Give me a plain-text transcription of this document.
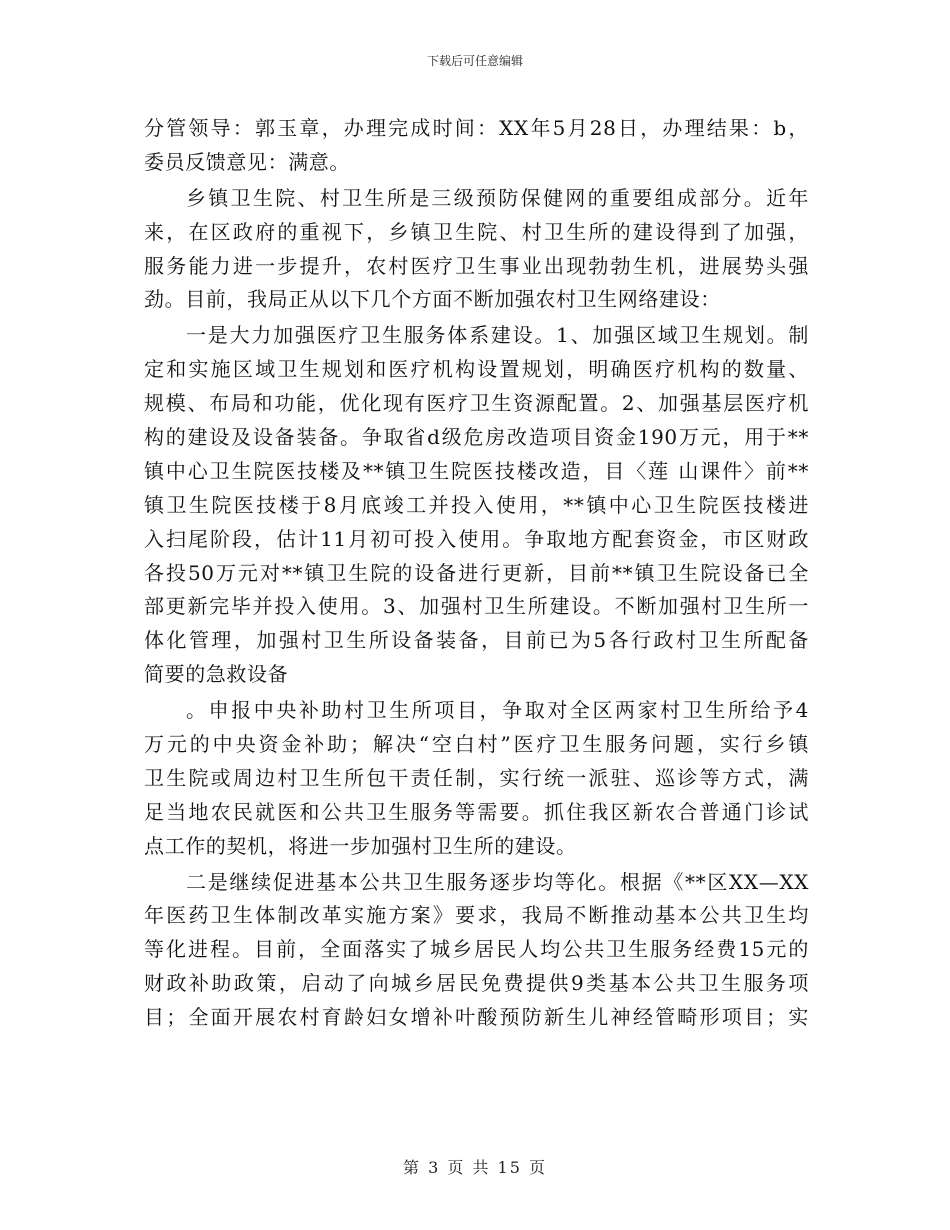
下载后可任意编辑
分管领导：郭玉章，办理完成时间：XX年5月28日，办理结果：b，
委员反馈意见：满意。
乡镇卫生院、村卫生所是三级预防保健网的重要组成部分。近年
来，在区政府的重视下，乡镇卫生院、村卫生所的建设得到了加强，
服务能力进一步提升，农村医疗卫生事业出现勃勃生机，进展势头强
劲。目前，我局正从以下几个方面不断加强农村卫生网络建设：
一是大力加强医疗卫生服务体系建设。1、加强区域卫生规划。制
定和实施区域卫生规划和医疗机构设置规划，明确医疗机构的数量、
规模、布局和功能，优化现有医疗卫生资源配置。2、加强基层医疗机
构的建设及设备装备。争取省d级危房改造项目资金190万元，用于**
镇中心卫生院医技楼及**镇卫生院医技楼改造，目〈莲 山课件〉前**
镇卫生院医技楼于8月底竣工并投入使用，**镇中心卫生院医技楼进
入扫尾阶段，估计11月初可投入使用。争取地方配套资金，市区财政
各投50万元对**镇卫生院的设备进行更新，目前**镇卫生院设备已全
部更新完毕并投入使用。3、加强村卫生所建设。不断加强村卫生所一
体化管理，加强村卫生所设备装备，目前已为5各行政村卫生所配备
简要的急救设备
。申报中央补助村卫生所项目，争取对全区两家村卫生所给予4
万元的中央资金补助；解决“空白村”医疗卫生服务问题，实行乡镇
卫生院或周边村卫生所包干责任制，实行统一派驻、巡诊等方式，满
足当地农民就医和公共卫生服务等需要。抓住我区新农合普通门诊试
点工作的契机，将进一步加强村卫生所的建设。
二是继续促进基本公共卫生服务逐步均等化。根据《**区XX—XX
年医药卫生体制改革实施方案》要求，我局不断推动基本公共卫生均
等化进程。目前，全面落实了城乡居民人均公共卫生服务经费15元的
财政补助政策，启动了向城乡居民免费提供9类基本公共卫生服务项
目；全面开展农村育龄妇女增补叶酸预防新生儿神经管畸形项目；实
第 3 页 共 15 页
